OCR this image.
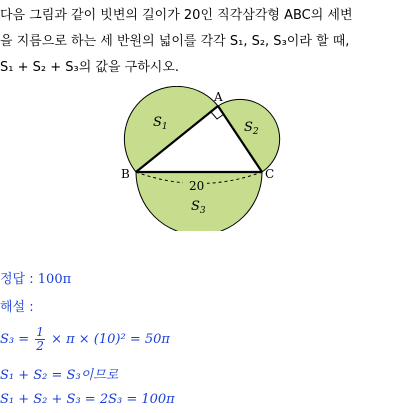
다음 그림과 같이 빗변의 길이가 20인 직각삼각형 ABC의 세변
을 지름으로 하는 세 반원의 넓이를 각각 S₁, S₂, S₃이라 할 때,
S₁ + S₂ + S₃의 값을 구하시오.
A
B	C
20
$S_1$	$S_2$
$S_3$
정답 : 100π
해설 :
$S_3 = \frac{1}{2} \times \pi \times (10)^2 = 50\pi$
S₁ + S₂ = S₃이므로
S₁ + S₂ + S₃ = 2S₃ = 100π
